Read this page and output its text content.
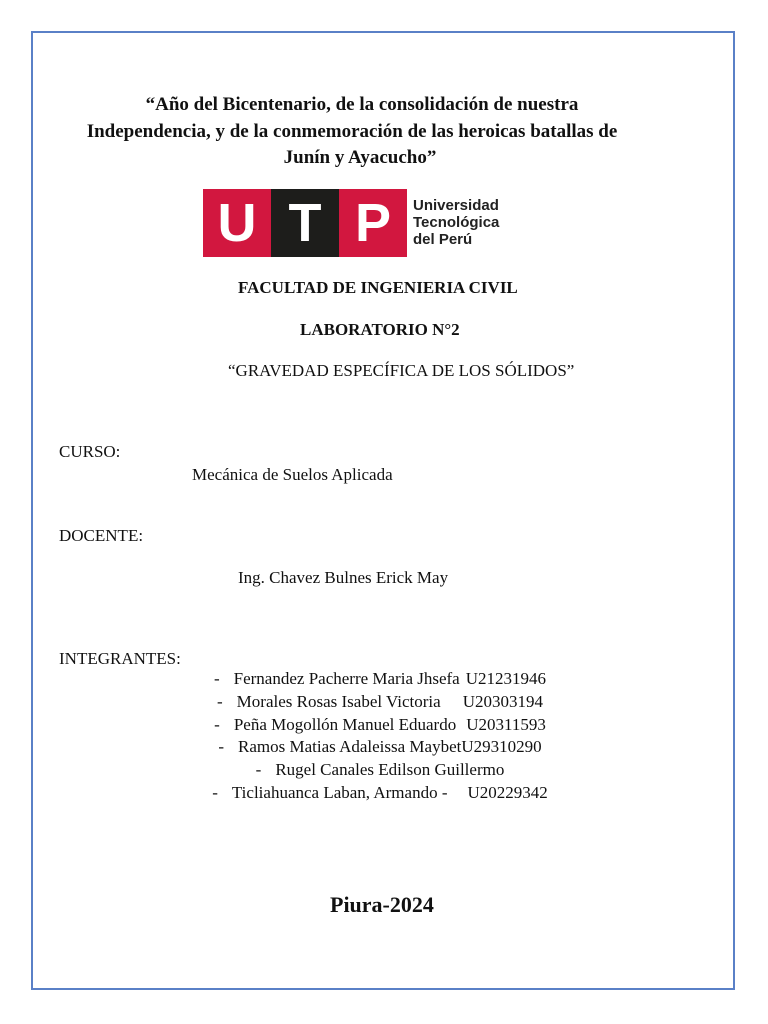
“Año del Bicentenario, de la consolidación de nuestra
Independencia, y de la conmemoración de las heroicas batallas de
Junín y Ayacucho”
U T P	Universidad
Tecnológica
del Perú
FACULTAD DE INGENIERIA CIVIL
LABORATORIO N°2
“GRAVEDAD ESPECÍFICA DE LOS SÓLIDOS”
CURSO:
Mecánica de Suelos Aplicada
DOCENTE:
Ing. Chavez Bulnes Erick May
INTEGRANTES:
- Fernandez Pacherre Maria Jhsefa U21231946
- Morales Rosas Isabel Victoria U20303194
- Peña Mogollón Manuel Eduardo U20311593
- Ramos Matias Adaleissa MaybetU29310290
- Rugel Canales Edilson Guillermo
- Ticliahuanca Laban, Armando - U20229342
Piura-2024
